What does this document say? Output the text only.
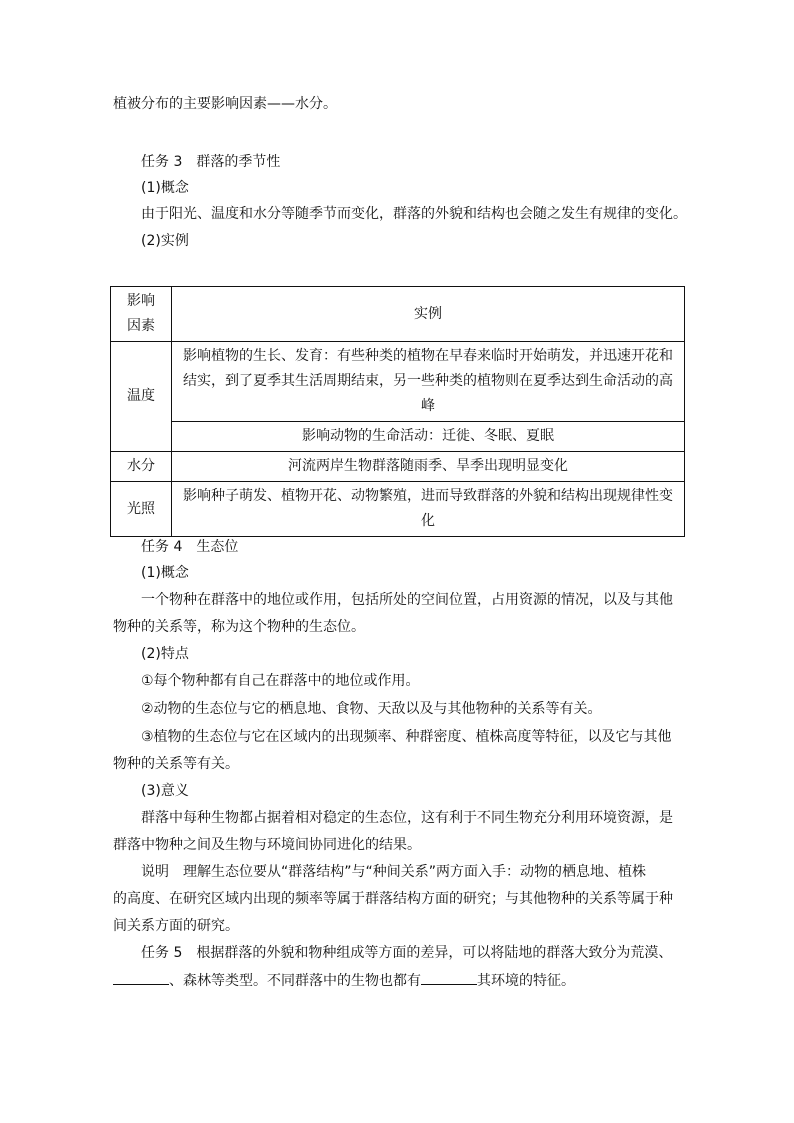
植被分布的主要影响因素——水分。
任务 3　群落的季节性
(1)概念
由于阳光、温度和水分等随季节而变化，群落的外貌和结构也会随之发生有规律的变化。
(2)实例
影响
因素	实例
温度	影响植物的生长、发育：有些种类的植物在早春来临时开始萌发，并迅速开花和结实，到了夏季其生活周期结束，另一些种类的植物则在夏季达到生命活动的高峰
	影响动物的生命活动：迁徙、冬眠、夏眠
水分	河流两岸生物群落随雨季、旱季出现明显变化
光照	影响种子萌发、植物开花、动物繁殖，进而导致群落的外貌和结构出现规律性变化
任务 4　生态位
(1)概念
一个物种在群落中的地位或作用，包括所处的空间位置，占用资源的情况，以及与其他
物种的关系等，称为这个物种的生态位。
(2)特点
①每个物种都有自己在群落中的地位或作用。
②动物的生态位与它的栖息地、食物、天敌以及与其他物种的关系等有关。
③植物的生态位与它在区域内的出现频率、种群密度、植株高度等特征，以及它与其他
物种的关系等有关。
(3)意义
群落中每种生物都占据着相对稳定的生态位，这有利于不同生物充分利用环境资源，是
群落中物种之间及生物与环境间协同进化的结果。
说明　理解生态位要从“群落结构”与“种间关系”两方面入手：动物的栖息地、植株
的高度、在研究区域内出现的频率等属于群落结构方面的研究；与其他物种的关系等属于种
间关系方面的研究。
任务 5　根据群落的外貌和物种组成等方面的差异，可以将陆地的群落大致分为荒漠、
、森林等类型。不同群落中的生物也都有	其环境的特征。
